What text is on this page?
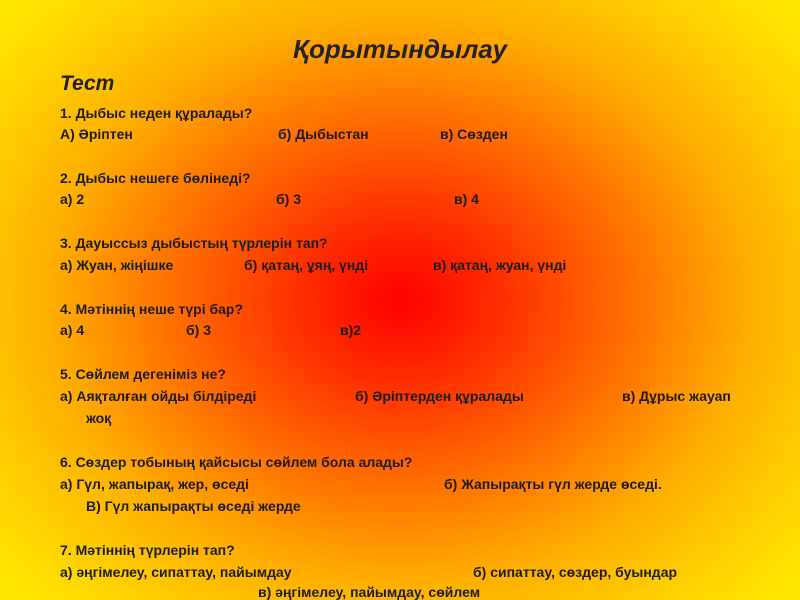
Қорытындылау
Тест
1. Дыбыс неден құралады?
А) Әріптен	б) Дыбыстан	в) Сөзден
2. Дыбыс нешеге бөлінеді?
а) 2	б) 3	в) 4
3. Дауыссыз дыбыстың түрлерін тап?
а) Жуан, жіңішке	б) қатаң, ұяң, үнді	в) қатаң, жуан, үнді
4. Мәтіннің неше түрі бар?
а) 4	б) 3	в)2
5. Сөйлем дегеніміз не?
а) Аяқталған ойды білдіреді	б) Әріптерден құралады	в) Дұрыс жауап
жоқ
6. Сөздер тобының қайсысы сөйлем бола алады?
а) Гүл, жапырақ, жер, өседі	б) Жапырақты гүл жерде өседі.
В) Гүл жапырақты өседі жерде
7. Мәтіннің түрлерін тап?
а) әңгімелеу, сипаттау, пайымдау	б) сипаттау, сөздер, буындар
в) әңгімелеу, пайымдау, сөйлем
